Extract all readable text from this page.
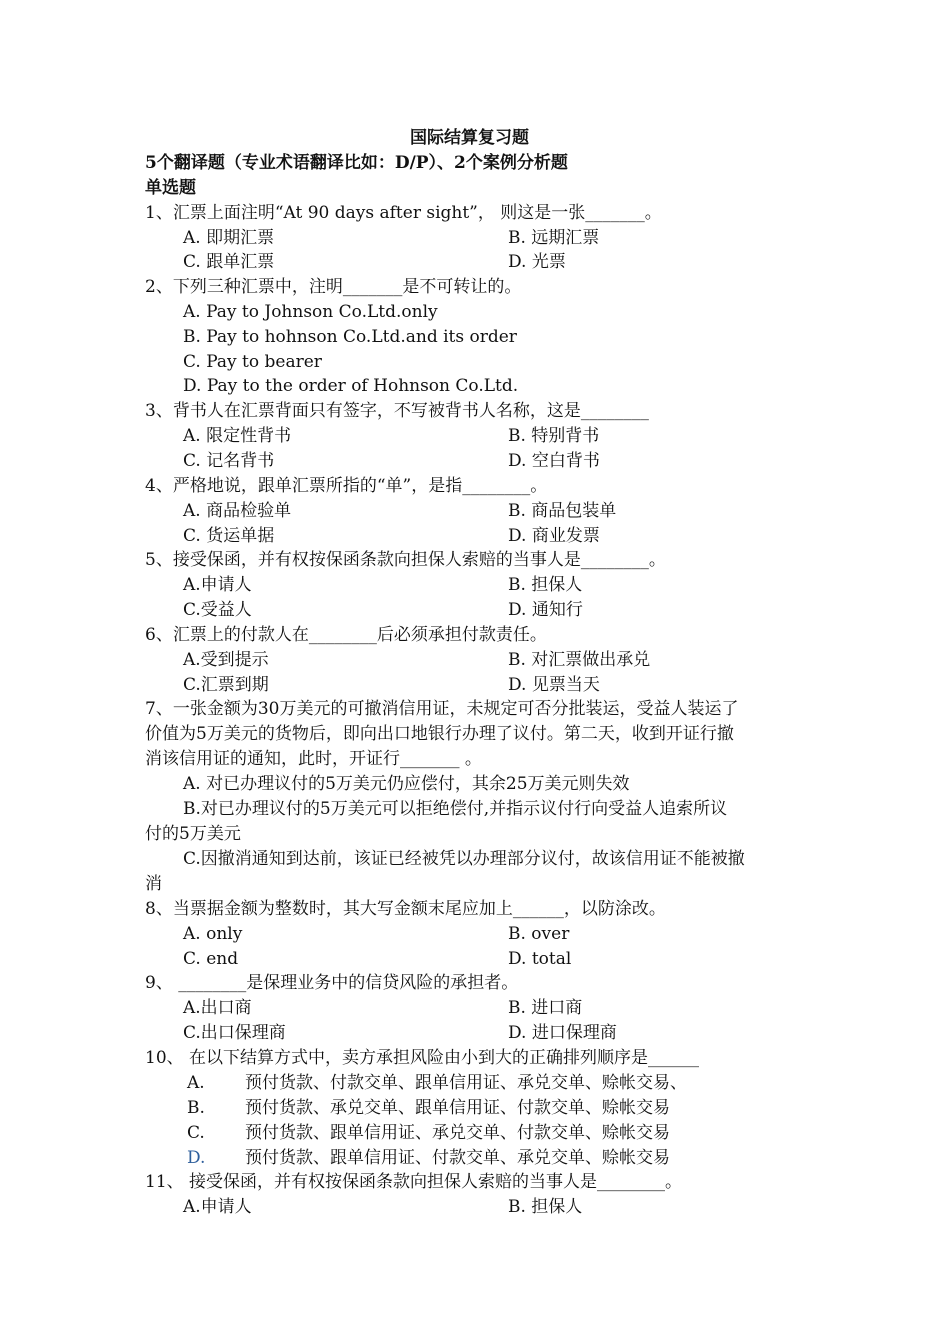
国际结算复习题
5个翻译题（专业术语翻译比如：D/P）、2个案例分析题
单选题
1、汇票上面注明“At 90 days after sight”， 则这是一张_______。
A. 即期汇票	B. 远期汇票
C. 跟单汇票	D. 光票
2、下列三种汇票中，注明_______是不可转让的。
A. Pay to Johnson Co.Ltd.only
B. Pay to hohnson Co.Ltd.and its order
C. Pay to bearer
D. Pay to the order of Hohnson Co.Ltd.
3、背书人在汇票背面只有签字，不写被背书人名称，这是________
A. 限定性背书	B. 特别背书
C. 记名背书	D. 空白背书
4、严格地说，跟单汇票所指的“单”，是指________。
A. 商品检验单	B. 商品包装单
C. 货运单据	D. 商业发票
5、接受保函，并有权按保函条款向担保人索赔的当事人是________。
A.申请人	B. 担保人
C.受益人	D. 通知行
6、汇票上的付款人在________后必须承担付款责任。
A.受到提示	B. 对汇票做出承兑
C.汇票到期	D. 见票当天
7、一张金额为30万美元的可撤消信用证，未规定可否分批装运，受益人装运了
价值为5万美元的货物后，即向出口地银行办理了议付。第二天，收到开证行撤
消该信用证的通知，此时，开证行_______ 。
A. 对已办理议付的5万美元仍应偿付，其余25万美元则失效
B.对已办理议付的5万美元可以拒绝偿付,并指示议付行向受益人追索所议
付的5万美元
C.因撤消通知到达前，该证已经被凭以办理部分议付，故该信用证不能被撤
消
8、当票据金额为整数时，其大写金额末尾应加上______，以防涂改。
A. only	B. over
C. end	D. total
9、 ________是保理业务中的信贷风险的承担者。
A.出口商	B. 进口商
C.出口保理商	D. 进口保理商
10、 在以下结算方式中，卖方承担风险由小到大的正确排列顺序是______
A. 预付货款、付款交单、跟单信用证、承兑交单、赊帐交易、
B. 预付货款、承兑交单、跟单信用证、付款交单、赊帐交易
C. 预付货款、跟单信用证、承兑交单、付款交单、赊帐交易
D. 预付货款、跟单信用证、付款交单、承兑交单、赊帐交易
11、 接受保函，并有权按保函条款向担保人索赔的当事人是________。
A.申请人	B. 担保人
